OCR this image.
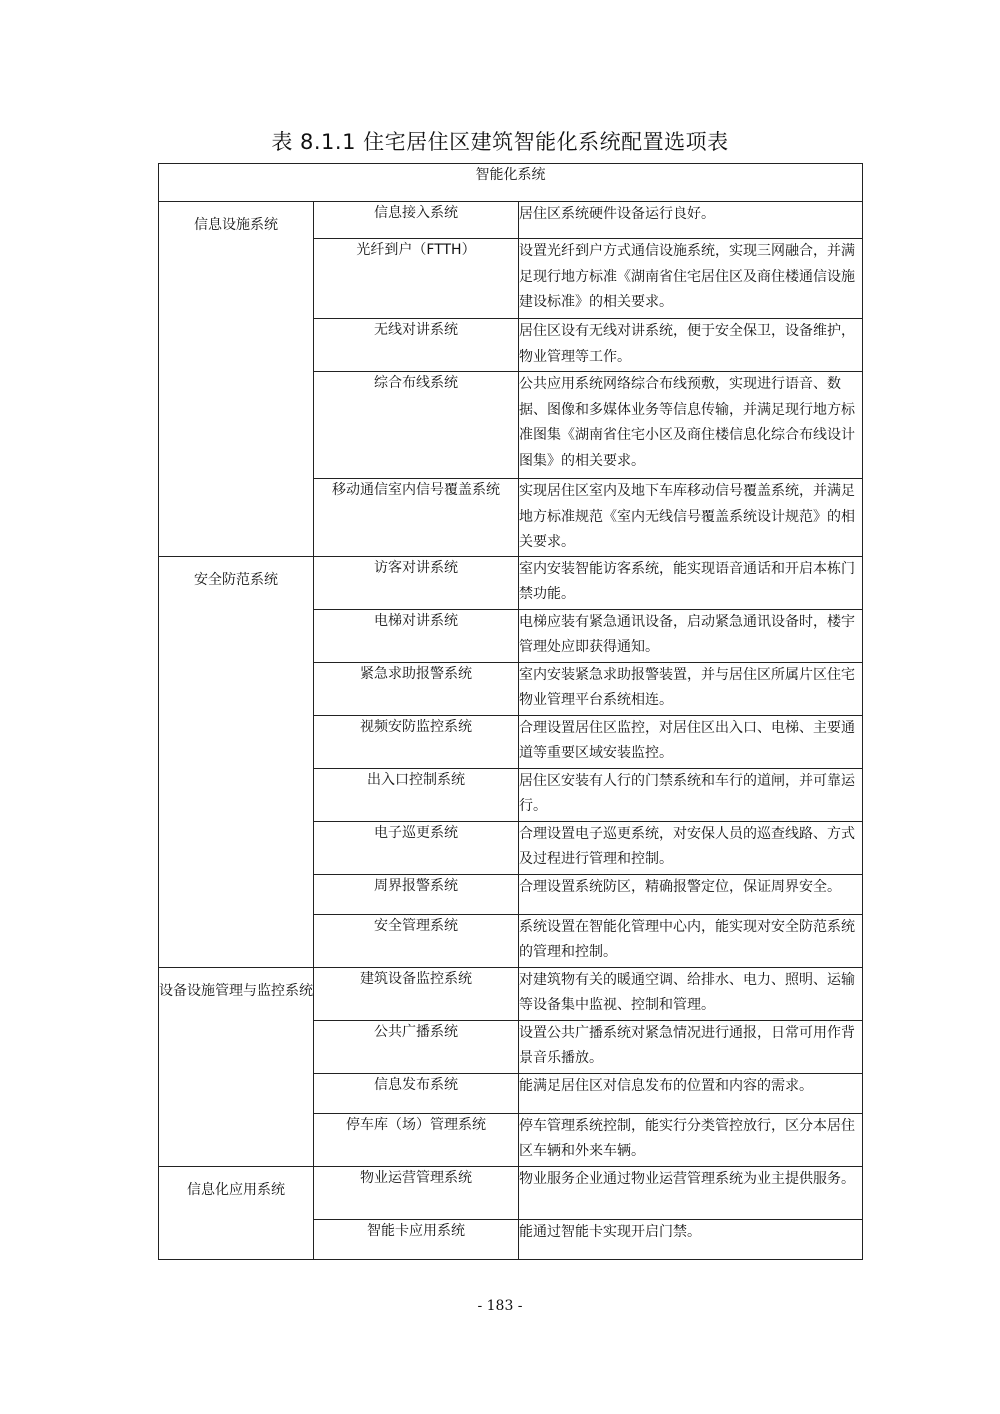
表 8.1.1 住宅居住区建筑智能化系统配置选项表
智能化系统		
信息设施系统	信息接入系统	居住区系统硬件设备运行良好。
	光纤到户（FTTH）	设置光纤到户方式通信设施系统，实现三网融合，并满足现行地方标准《湖南省住宅居住区及商住楼通信设施建设标准》的相关要求。
	无线对讲系统	居住区设有无线对讲系统，便于安全保卫，设备维护，物业管理等工作。
	综合布线系统	公共应用系统网络综合布线预敷，实现进行语音、数据、图像和多媒体业务等信息传输，并满足现行地方标准图集《湖南省住宅小区及商住楼信息化综合布线设计图集》的相关要求。
	移动通信室内信号覆盖系统	实现居住区室内及地下车库移动信号覆盖系统，并满足地方标准规范《室内无线信号覆盖系统设计规范》的相关要求。
安全防范系统	访客对讲系统	室内安装智能访客系统，能实现语音通话和开启本栋门禁功能。
	电梯对讲系统	电梯应装有紧急通讯设备，启动紧急通讯设备时，楼宇管理处应即获得通知。
	紧急求助报警系统	室内安装紧急求助报警装置，并与居住区所属片区住宅物业管理平台系统相连。
	视频安防监控系统	合理设置居住区监控，对居住区出入口、电梯、主要通道等重要区域安装监控。
	出入口控制系统	居住区安装有人行的门禁系统和车行的道闸，并可靠运行。
	电子巡更系统	合理设置电子巡更系统，对安保人员的巡查线路、方式及过程进行管理和控制。
	周界报警系统	合理设置系统防区，精确报警定位，保证周界安全。
	安全管理系统	系统设置在智能化管理中心内，能实现对安全防范系统的管理和控制。
设备设施管理与监控系统	建筑设备监控系统	对建筑物有关的暖通空调、给排水、电力、照明、运输等设备集中监视、控制和管理。
	公共广播系统	设置公共广播系统对紧急情况进行通报，日常可用作背景音乐播放。
	信息发布系统	能满足居住区对信息发布的位置和内容的需求。
	停车库（场）管理系统	停车管理系统控制，能实行分类管控放行，区分本居住区车辆和外来车辆。
信息化应用系统	物业运营管理系统	物业服务企业通过物业运营管理系统为业主提供服务。
	智能卡应用系统	能通过智能卡实现开启门禁。
- 183 -
